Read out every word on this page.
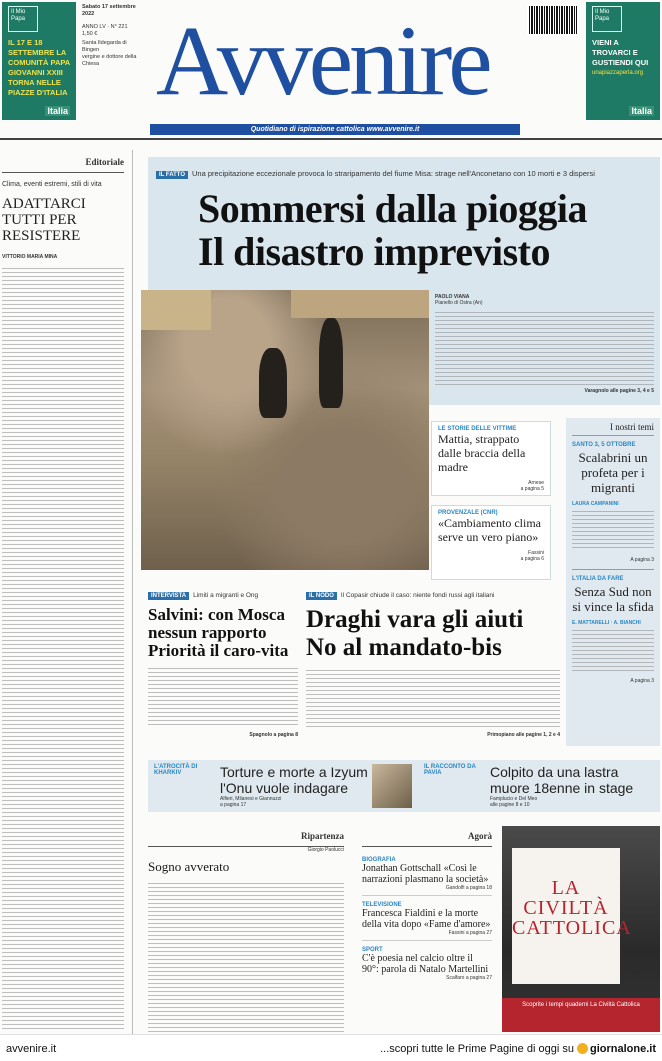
Il Mio Papa
IL 17 E 18 SETTEMBRE LA COMUNITÀ PAPA GIOVANNI XXIII TORNA NELLE PIAZZE D'ITALIA
Italia
Sabato 17 settembre 2022
ANNO LV · N° 221
1,50 €
Santa Ildegarda di Bingen
vergine e dottore della Chiesa Avvenire	Il Mio Papa
VIENI A TROVARCI E GUSTIENDI QUI
unapiazzaperla.org
Italia
Quotidiano di ispirazione cattolica www.avvenire.it
Editoriale
Clima, eventi estremi, stili di vita
ADATTARCI TUTTI PER RESISTERE
VITTORIO MARIA MINA
IL FATTO Una precipitazione eccezionale provoca lo straripamento del fiume Misa: strage nell'Anconetano con 10 morti e 3 dispersi
Sommersi dalla pioggia
Il disastro imprevisto
PAOLO VIANA
Pianello di Ostra (An)
Varagnolo alle pagine 3, 4 e 5
LE STORIE DELLE VITTIME
Mattia, strappato dalle braccia della madre
Arnese
a pagina 5
PROVENZALE (CNR)
«Cambiamento clima serve un vero piano»
Fassini
a pagina 6
I nostri temi
SANTO 3, 5 OTTOBRE
Scalabrini un profeta per i migranti
LAURA CAMPANINI
A pagina 3
L'ITALIA DA FARE
Senza Sud non si vince la sfida
E. MATTARELLI · A. BIANCHI
A pagina 3
INTERVISTA Limiti a migranti e Ong
Salvini: con Mosca nessun rapporto Priorità il caro-vita
Spagnolo a pagina 8
IL NODO Il Copasir chiude il caso: niente fondi russi agli italiani
Draghi vara gli aiuti
No al mandato-bis
Primopiano alle pagine 1, 2 e 4
L'ATROCITÀ DI KHARKIV	Torture e morte a Izyum l'Onu vuole indagare
Alfieri, Milanesi e Giannuzzi
a pagina 17
IL RACCONTO DA PAVIA	Colpito da una lastra muore 18enne in stage
Famplucio e Del Meo
alle pagine 8 e 10
Ripartenza
Giorgio Paolucci
Sogno avverato
Agorà
BIOGRAFIA
Jonathan Gottschall «Così le narrazioni plasmano la società»
Gandolfi a pagina 18
TELEVISIONE
Francesca Fialdini e la morte della vita dopo «Fame d'amore»
Fassini a pagina 27
SPORT
C'è poesia nel calcio oltre il 90°: parola di Natalo Martellini
Scalfaro a pagina 27
LA CIVILTÀ
CATTOLICA
Scoprite i tempi quaderni La Civiltà Cattolica
avvenire.it	...scopri tutte le Prime Pagine di oggi su giornalone.it
